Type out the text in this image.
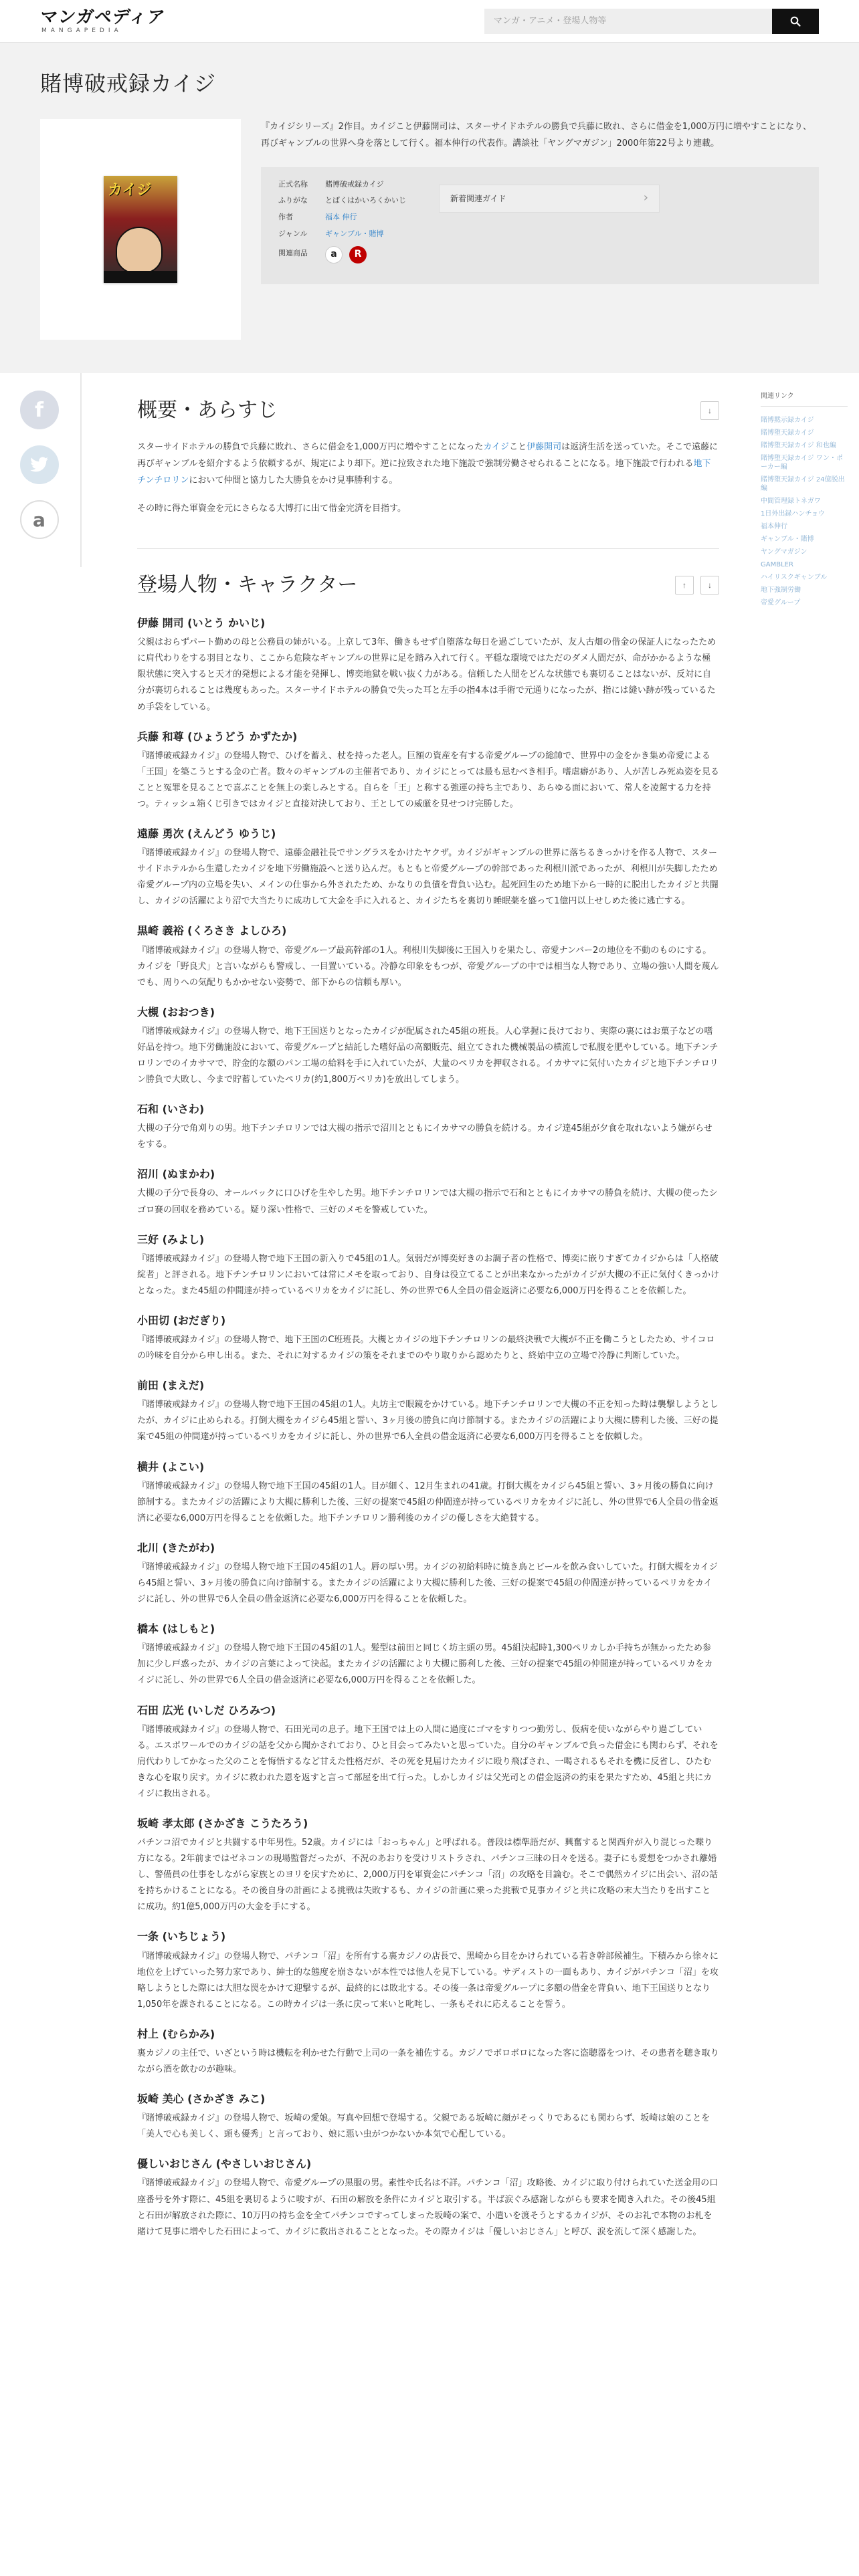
マンガペディア
MANGAPEDIA
マンガ・アニメ・登場人物等
賭博破戒録カイジ
カイジ

『カイジシリーズ』2作目。カイジこと伊藤開司は、スターサイドホテルの勝負で兵藤に敗れ、さらに借金を1,000万円に増やすことになり、再びギャンブルの世界へ身を落として行く。福本伸行の代表作。講談社「ヤングマガジン」2000年第22号より連載。

正式名称	賭博破戒録カイジ
ふりがな	とばくはかいろくかいじ
作者	福本 伸行
ジャンル	ギャンブル・賭博
関連商品	a	R
新着関連ガイド	›
f
a
概要・あらすじ	↓

スターサイドホテルの勝負で兵藤に敗れ、さらに借金を1,000万円に増やすことになったカイジこと伊藤開司は返済生活を送っていた。そこで遠藤に再びギャンブルを紹介するよう依頼するが、規定により却下。逆に拉致された地下施設で強制労働させられることになる。地下施設で行われる地下チンチロリンにおいて仲間と協力した大勝負をかけ見事勝利する。

その時に得た軍資金を元にさらなる大博打に出て借金完済を目指す。

登場人物・キャラクター	↑	↓
伊藤 開司 (いとう かいじ)

父親はおらずパート勤めの母と公務員の姉がいる。上京して3年、働きもせず自堕落な毎日を過ごしていたが、友人古畑の借金の保証人になったために肩代わりをする羽目となり、ここから危険なギャンブルの世界に足を踏み入れて行く。平穏な環境ではただのダメ人間だが、命がかかるような極限状態に突入すると天才的発想による才能を発揮し、博奕地獄を戦い抜く力がある。信頼した人間をどんな状態でも裏切ることはないが、反対に自分が裏切られることは幾度もあった。スターサイドホテルの勝負で失った耳と左手の指4本は手術で元通りになったが、指には縫い跡が残っているため手袋をしている。

兵藤 和尊 (ひょうどう かずたか)

『賭博破戒録カイジ』の登場人物で、ひげを蓄え、杖を持った老人。巨額の資産を有する帝愛グループの総帥で、世界中の金をかき集め帝愛による「王国」を築こうとする金の亡者。数々のギャンブルの主催者であり、カイジにとっては最も忌むべき相手。嗜虐癖があり、人が苦しみ死ぬ姿を見ることと冤罪を見ることで喜ぶことを無上の楽しみとする。自らを「王」と称する強運の持ち主であり、あらゆる面において、常人を凌駕する力を持つ。ティッシュ箱くじ引きではカイジと直接対決しており、王としての威厳を見せつけ完勝した。

遠藤 勇次 (えんどう ゆうじ)

『賭博破戒録カイジ』の登場人物で、遠藤金融社長でサングラスをかけたヤクザ。カイジがギャンブルの世界に落ちるきっかけを作る人物で、スターサイドホテルから生還したカイジを地下労働施設へと送り込んだ。もともと帝愛グループの幹部であった利根川派であったが、利根川が失脚したため帝愛グループ内の立場を失い、メインの仕事から外されたため、かなりの負債を背負い込む。起死回生のため地下から一時的に脱出したカイジと共闘し、カイジの活躍により沼で大当たりに成功して大金を手に入れると、カイジたちを裏切り睡眠薬を盛って1億円以上せしめた後に逃亡する。

黒崎 義裕 (くろさき よしひろ)

『賭博破戒録カイジ』の登場人物で、帝愛グループ最高幹部の1人。利根川失脚後に王国入りを果たし、帝愛ナンバー2の地位を不動のものにする。カイジを「野良犬」と言いながらも警戒し、一目置いている。冷静な印象をもつが、帝愛グループの中では相当な人物であり、立場の強い人間を蔑んでも、周りへの気配りもかかせない姿勢で、部下からの信頼も厚い。

大槻 (おおつき)

『賭博破戒録カイジ』の登場人物で、地下王国送りとなったカイジが配属された45組の班長。人心掌握に長けており、実際の裏にはお菓子などの嗜好品を持つ。地下労働施設において、帝愛グループと結託した嗜好品の高額販売、組立てされた機械製品の横流しで私腹を肥やしている。地下チンチロリンでのイカサマで、貯金的な額のパン工場の給料を手に入れていたが、大量のペリカを押収される。イカサマに気付いたカイジと地下チンチロリン勝負で大敗し、今まで貯蓄していたペリカ(約1,800万ペリカ)を放出してしまう。

石和 (いさわ)

大槻の子分で角刈りの男。地下チンチロリンでは大槻の指示で沼川とともにイカサマの勝負を続ける。カイジ達45組が夕食を取れないよう嫌がらせをする。

沼川 (ぬまかわ)

大槻の子分で長身の、オールバックに口ひげを生やした男。地下チンチロリンでは大槻の指示で石和とともにイカサマの勝負を続け、大槻の使ったシゴロ賽の回収を務めている。疑り深い性格で、三好のメモを警戒していた。

三好 (みよし)

『賭博破戒録カイジ』の登場人物で地下王国の新入りで45組の1人。気弱だが博奕好きのお調子者の性格で、博奕に嵌りすぎてカイジからは「人格破綻者」と評される。地下チンチロリンにおいては常にメモを取っており、自身は役立てることが出来なかったがカイジが大槻の不正に気付くきっかけとなった。また45組の仲間達が持っているペリカをカイジに託し、外の世界で6人全員の借金返済に必要な6,000万円を得ることを依頼した。

小田切 (おだぎり)

『賭博破戒録カイジ』の登場人物で、地下王国のC班班長。大槻とカイジの地下チンチロリンの最終決戦で大槻が不正を働こうとしたため、サイコロの吟味を自分から申し出る。また、それに対するカイジの策をそれまでのやり取りから認めたりと、終始中立の立場で冷静に判断していた。

前田 (まえだ)

『賭博破戒録カイジ』の登場人物で地下王国の45組の1人。丸坊主で眼鏡をかけている。地下チンチロリンで大槻の不正を知った時は襲撃しようとしたが、カイジに止められる。打倒大槻をカイジら45組と誓い、3ヶ月後の勝負に向け節制する。またカイジの活躍により大槻に勝利した後、三好の提案で45組の仲間達が持っているペリカをカイジに託し、外の世界で6人全員の借金返済に必要な6,000万円を得ることを依頼した。

横井 (よこい)

『賭博破戒録カイジ』の登場人物で地下王国の45組の1人。目が細く、12月生まれの41歳。打倒大槻をカイジら45組と誓い、3ヶ月後の勝負に向け節制する。またカイジの活躍により大槻に勝利した後、三好の提案で45組の仲間達が持っているペリカをカイジに託し、外の世界で6人全員の借金返済に必要な6,000万円を得ることを依頼した。地下チンチロリン勝利後のカイジの優しさを大絶賛する。

北川 (きたがわ)

『賭博破戒録カイジ』の登場人物で地下王国の45組の1人。唇の厚い男。カイジの初給料時に焼き鳥とビールを飲み食いしていた。打倒大槻をカイジら45組と誓い、3ヶ月後の勝負に向け節制する。またカイジの活躍により大槻に勝利した後、三好の提案で45組の仲間達が持っているペリカをカイジに託し、外の世界で6人全員の借金返済に必要な6,000万円を得ることを依頼した。

橋本 (はしもと)

『賭博破戒録カイジ』の登場人物で地下王国の45組の1人。髪型は前田と同じく坊主頭の男。45組決起時1,300ペリカしか手持ちが無かったため参加に少し戸惑ったが、カイジの言葉によって決起。またカイジの活躍により大槻に勝利した後、三好の提案で45組の仲間達が持っているペリカをカイジに託し、外の世界で6人全員の借金返済に必要な6,000万円を得ることを依頼した。

石田 広光 (いしだ ひろみつ)

『賭博破戒録カイジ』の登場人物で、石田光司の息子。地下王国では上の人間に過度にゴマをすりつつ勤労し、仮病を使いながらやり過ごしている。エスポワールでのカイジの話を父から聞かされており、ひと目会ってみたいと思っていた。自分のギャンブルで負った借金にも関わらず、それを肩代わりしてかなった父のことを悔悟するなど甘えた性格だが、その死を見届けたカイジに殴り飛ばされ、一喝されるもそれを機に反省し、ひたむきな心を取り戻す。カイジに救われた恩を返すと言って部屋を出て行った。しかしカイジは父光司との借金返済の約束を果たすため、45組と共にカイジに救出される。

坂崎 孝太郎 (さかざき こうたろう)

パチンコ沼でカイジと共闘する中年男性。52歳。カイジには「おっちゃん」と呼ばれる。普段は標準語だが、興奮すると関西弁が入り混じった喋り方になる。2年前まではゼネコンの現場監督だったが、不況のあおりを受けリストラされ、パチンコ三昧の日々を送る。妻子にも愛想をつかされ離婚し、警備員の仕事をしながら家族とのヨリを戻すために、2,000万円を軍資金にパチンコ「沼」の攻略を目論む。そこで偶然カイジに出会い、沼の話を持ちかけることになる。その後自身の計画による挑戦は失敗するも、カイジの計画に乗った挑戦で見事カイジと共に攻略の末大当たりを出すことに成功。約1億5,000万円の大金を手にする。

一条 (いちじょう)

『賭博破戒録カイジ』の登場人物で、パチンコ「沼」を所有する裏カジノの店長で、黒崎から目をかけられている若き幹部候補生。下積みから徐々に地位を上げていった努力家であり、紳士的な態度を崩さないが本性では他人を見下している。サディストの一面もあり、カイジがパチンコ「沼」を攻略しようとした際には大胆な罠をかけて迎撃するが、最終的には敗北する。その後一条は帝愛グループに多額の借金を背負い、地下王国送りとなり1,050年を課されることになる。この時カイジは一条に戻って来いと叱咤し、一条もそれに応えることを誓う。

村上 (むらかみ)

裏カジノの主任で、いざという時は機転を利かせた行動で上司の一条を補佐する。カジノでボロボロになった客に盗聴器をつけ、その患者を聴き取りながら酒を飲むのが趣味。

坂崎 美心 (さかざき みこ)

『賭博破戒録カイジ』の登場人物で、坂崎の愛娘。写真や回想で登場する。父親である坂崎に顔がそっくりであるにも関わらず、坂崎は娘のことを「美人で心も美しく、頭も優秀」と言っており、娘に悪い虫がつかないか本気で心配している。

優しいおじさん (やさしいおじさん)

『賭博破戒録カイジ』の登場人物で、帝愛グループの黒服の男。素性や氏名は不詳。パチンコ「沼」攻略後、カイジに取り付けられていた送金用の口座番号を外す際に、45組を裏切るように唆すが、石田の解放を条件にカイジと取引する。半ば涙ぐみ感謝しながらも要求を聞き入れた。その後45組と石田が解放された際に、10万円の持ち金を全てパチンコですってしまった坂崎の案で、小遣いを渡そうとするカイジが、そのお礼で本物のお札を賭けて見事に増やした石田によって、カイジに救出されることとなった。その際カイジは「優しいおじさん」と呼び、涙を流して深く感謝した。

関連リンク
賭博黙示録カイジ
賭博堕天録カイジ
賭博堕天録カイジ 和也編
賭博堕天録カイジ ワン・ポーカー編
賭博堕天録カイジ 24億脱出編
中間管理録トネガワ
1日外出録ハンチョウ
福本伸行
ギャンブル・賭博
ヤングマガジン
GAMBLER
ハイリスクギャンブル
地下強制労働
帝愛グループ
